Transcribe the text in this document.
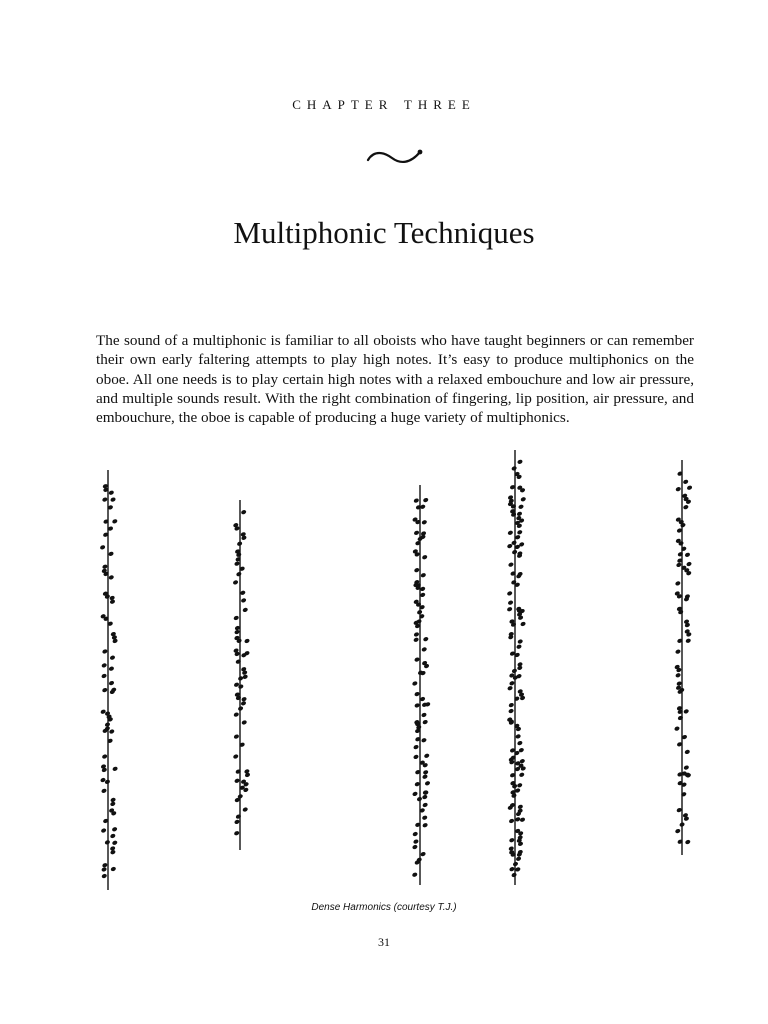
chapter three
Multiphonic Techniques

The sound of a multiphonic is familiar to all oboists who have taught beginners or can remember their own early faltering attempts to play high notes. It’s easy to produce multiphonics on the oboe. All one needs is to play certain high notes with a relaxed embouchure and low air pressure, and multiple sounds result. With the right combination of fingering, lip position, air pressure, and embouchure, the oboe is capable of producing a huge variety of multiphonics.

Dense Harmonics (courtesy T.J.)
31
